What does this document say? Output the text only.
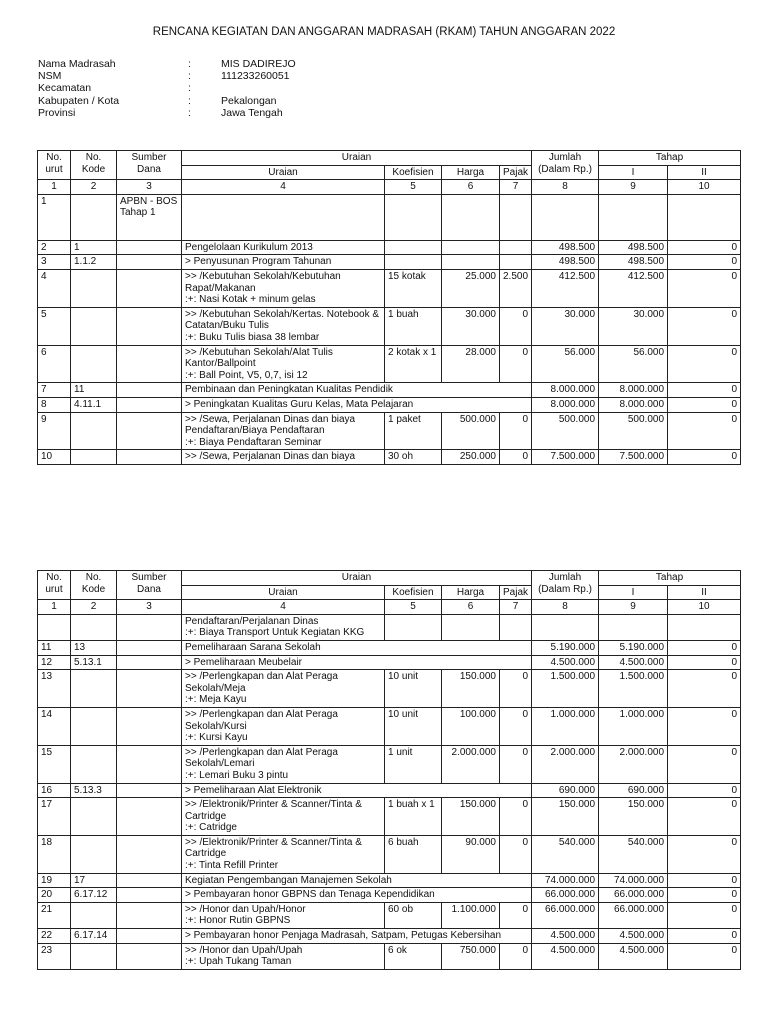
RENCANA KEGIATAN DAN ANGGARAN MADRASAH (RKAM) TAHUN ANGGARAN 2022
Nama Madrasah	:	MIS DADIREJO
NSM	:	111233260051
Kecamatan	:
Kabupaten / Kota	:	Pekalongan
Provinsi	:	Jawa Tengah
No. urut	No. Kode	Sumber Dana	Uraian				Jumlah (Dalam Rp.)	Tahap	
			Uraian	Koefisien	Harga	Pajak		I	II
1	2	3	4	5	6	7	8	9	10
1		APBN - BOS Tahap 1							
2	1		Pengelolaan Kurikulum 2013				498.500	498.500	0
3	1.1.2		> Penyusunan Program Tahunan				498.500	498.500	0
4			>> /Kebutuhan Sekolah/Kebutuhan Rapat/Makanan
:+: Nasi Kotak + minum gelas	15 kotak	25.000	2.500	412.500	412.500	0
5			>> /Kebutuhan Sekolah/Kertas. Notebook & Catatan/Buku Tulis
:+: Buku Tulis biasa 38 lembar	1 buah	30.000	0	30.000	30.000	0
6			>> /Kebutuhan Sekolah/Alat Tulis Kantor/Ballpoint
:+: Ball Point, V5, 0,7, isi 12	2 kotak x 1	28.000	0	56.000	56.000	0
7	11		Pembinaan dan Peningkatan Kualitas Pendidik				8.000.000	8.000.000	0
8	4.11.1		> Peningkatan Kualitas Guru Kelas, Mata Pelajaran				8.000.000	8.000.000	0
9			>> /Sewa, Perjalanan Dinas dan biaya Pendaftaran/Biaya Pendaftaran
:+: Biaya Pendaftaran Seminar	1 paket	500.000	0	500.000	500.000	0
10			>> /Sewa, Perjalanan Dinas dan biaya	30 oh	250.000	0	7.500.000	7.500.000	0
No. urut	No. Kode	Sumber Dana	Uraian				Jumlah (Dalam Rp.)	Tahap	
			Uraian	Koefisien	Harga	Pajak		I	II
1	2	3	4	5	6	7	8	9	10
			Pendaftaran/Perjalanan Dinas
:+: Biaya Transport Untuk Kegiatan KKG						
11	13		Pemeliharaan Sarana Sekolah				5.190.000	5.190.000	0
12	5.13.1		> Pemeliharaan Meubelair				4.500.000	4.500.000	0
13			>> /Perlengkapan dan Alat Peraga Sekolah/Meja
:+: Meja Kayu	10 unit	150.000	0	1.500.000	1.500.000	0
14			>> /Perlengkapan dan Alat Peraga Sekolah/Kursi
:+: Kursi Kayu	10 unit	100.000	0	1.000.000	1.000.000	0
15			>> /Perlengkapan dan Alat Peraga Sekolah/Lemari
:+: Lemari Buku 3 pintu	1 unit	2.000.000	0	2.000.000	2.000.000	0
16	5.13.3		> Pemeliharaan Alat Elektronik				690.000	690.000	0
17			>> /Elektronik/Printer & Scanner/Tinta & Cartridge
:+: Catridge	1 buah x 1	150.000	0	150.000	150.000	0
18			>> /Elektronik/Printer & Scanner/Tinta & Cartridge
:+: Tinta Refill Printer	6 buah	90.000	0	540.000	540.000	0
19	17		Kegiatan Pengembangan Manajemen Sekolah				74.000.000	74.000.000	0
20	6.17.12		> Pembayaran honor GBPNS dan Tenaga Kependidikan				66.000.000	66.000.000	0
21			>> /Honor dan Upah/Honor
:+: Honor Rutin GBPNS	60 ob	1.100.000	0	66.000.000	66.000.000	0
22	6.17.14		> Pembayaran honor Penjaga Madrasah, Satpam, Petugas Kebersihan				4.500.000	4.500.000	0
23			>> /Honor dan Upah/Upah
:+: Upah Tukang Taman	6 ok	750.000	0	4.500.000	4.500.000	0
